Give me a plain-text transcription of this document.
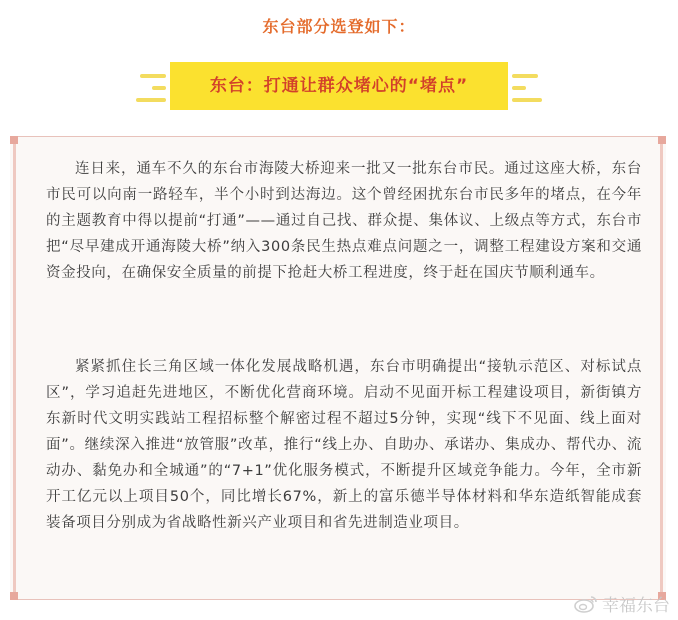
东台部分选登如下：
东台：打通让群众堵心的“堵点”

连日来，通车不久的东台市海陵大桥迎来一批又一批东台市民。通过这座大桥，东台市民可以向南一路轻车，半个小时到达海边。这个曾经困扰东台市民多年的堵点，在今年的主题教育中得以提前“打通”——通过自己找、群众提、集体议、上级点等方式，东台市把“尽早建成开通海陵大桥”纳入300条民生热点难点问题之一，调整工程建设方案和交通资金投向，在确保安全质量的前提下抢赶大桥工程进度，终于赶在国庆节顺利通车。

紧紧抓住长三角区域一体化发展战略机遇，东台市明确提出“接轨示范区、对标试点区”，学习追赶先进地区，不断优化营商环境。启动不见面开标工程建设项目，新街镇方东新时代文明实践站工程招标整个解密过程不超过5分钟，实现“线下不见面、线上面对面”。继续深入推进“放管服”改革，推行“线上办、自助办、承诺办、集成办、帮代办、流动办、黏免办和全城通”的“7+1”优化服务模式，不断提升区域竞争能力。今年，全市新开工亿元以上项目50个，同比增长67%，新上的富乐德半导体材料和华东造纸智能成套装备项目分别成为省战略性新兴产业项目和省先进制造业项目。

幸福东台
